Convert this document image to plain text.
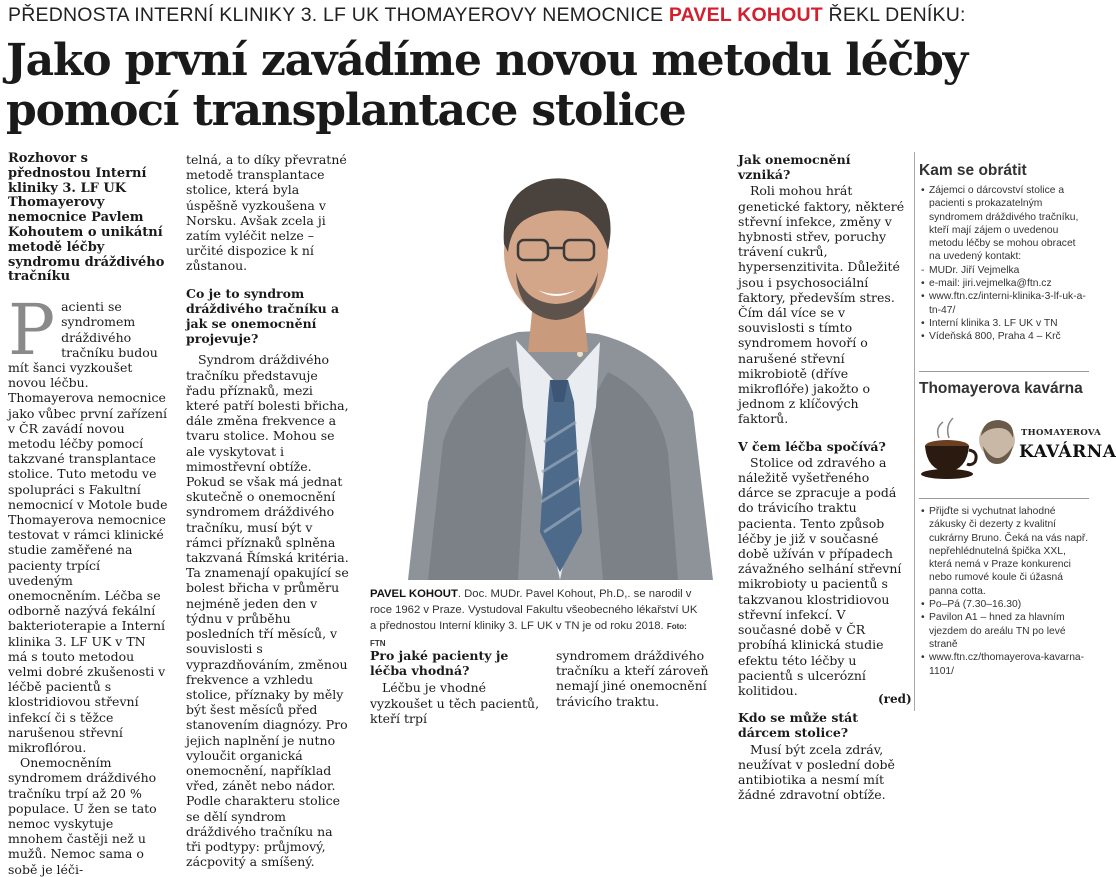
PŘEDNOSTA INTERNÍ KLINIKY 3. LF UK THOMAYEROVY NEMOCNICE PAVEL KOHOUT ŘEKL DENÍKU:
Jako první zavádíme novou metodu léčby pomocí transplantace stolice

Rozhovor s přednostou Interní kliniky 3. LF UK Thomayerovy nemocnice Pavlem Kohoutem o unikátní metodě léčby syndromu dráždivého tračníku

Pacienti se syndromem dráždivého tračníku budou mít šanci vyzkoušet novou léčbu. Thomayerova nemocnice jako vůbec první zařízení v ČR zavádí novou metodu léčby pomocí takzvané transplantace stolice. Tuto metodu ve spolupráci s Fakultní nemocnicí v Motole bude Thomayerova nemocnice testovat v rámci klinické studie zaměřené na pacienty trpící uvedeným onemocněním. Léčba se odborně nazývá fekální bakterioterapie a Interní klinika 3. LF UK v TN má s touto metodou velmi dobré zkušenosti v léčbě pacientů s klostridiovou střevní infekcí či s těžce narušenou střevní mikroflórou.

Onemocněním syndromem dráždivého tračníku trpí až 20 % populace. U žen se tato nemoc vyskytuje mnohem častěji než u mužů. Nemoc sama o sobě je léči-

telná, a to díky převratné metodě transplantace stolice, která byla úspěšně vyzkoušena v Norsku. Avšak zcela ji zatím vyléčit nelze – určité dispozice k ní zůstanou.

Co je to syndrom dráždivého tračníku a jak se onemocnění projevuje?

Syndrom dráždivého tračníku představuje řadu příznaků, mezi které patří bolesti břicha, dále změna frekvence a tvaru stolice. Mohou se ale vyskytovat i mimostřevní obtíže. Pokud se však má jednat skutečně o onemocnění syndromem dráždivého tračníku, musí být v rámci příznaků splněna takzvaná Římská kritéria. Ta znamenají opakující se bolest břicha v průměru nejméně jeden den v týdnu v průběhu posledních tří měsíců, v souvislosti s vyprazdňováním, změnou frekvence a vzhledu stolice, příznaky by měly být šest měsíců před stanovením diagnózy. Pro jejich naplnění je nutno vyloučit organická onemocnění, například vřed, zánět nebo nádor. Podle charakteru stolice se dělí syndrom dráždivého tračníku na tři podtypy: průjmový, zácpovitý a smíšený.

PAVEL KOHOUT. Doc. MUDr. Pavel Kohout, Ph.D,. se narodil v roce 1962 v Praze. Vystudoval Fakultu všeobecného lékařství UK a přednostou Interní kliniky 3. LF UK v TN je od roku 2018. Foto: FTN

Pro jaké pacienty je léčba vhodná?

Léčbu je vhodné vyzkoušet u těch pacientů, kteří trpí

syndromem dráždivého tračníku a kteří zároveň nemají jiné onemocnění trávicího traktu.

Jak onemocnění vzniká?

Roli mohou hrát genetické faktory, některé střevní infekce, změny v hybnosti střev, poruchy trávení cukrů, hypersenzitivita. Důležité jsou i psychosociální faktory, především stres. Čím dál více se v souvislosti s tímto syndromem hovoří o narušené střevní mikrobiotě (dříve mikroflóře) jakožto o jednom z klíčových faktorů.

V čem léčba spočívá?

Stolice od zdravého a náležitě vyšetřeného dárce se zpracuje a podá do trávicího traktu pacienta. Tento způsob léčby je již v současné době užíván v případech závažného selhání střevní mikrobioty u pacientů s takzvanou klostridiovou střevní infekcí. V současné době v ČR probíhá klinická studie efektu této léčby u pacientů s ulcerózní kolitidou.

Kdo se může stát dárcem stolice?

Musí být zcela zdráv, neužívat v poslední době antibiotika a nesmí mít žádné zdravotní obtíže.

(red)
Kam se obrátit
• Zájemci o dárcovství stolice a pacienti s prokazatelným syndromem dráždivého tračníku, kteří mají zájem o uvedenou metodu léčby se mohou obracet na uvedený kontakt:
- MUDr. Jiří Vejmelka
• e-mail: jiri.vejmelka@ftn.cz
• www.ftn.cz/interni-klinika-3-lf-uk-a-tn-47/
• Interní klinika 3. LF UK v TN
• Vídeňská 800, Praha 4 – Krč
Thomayerova kavárna
THOMAYEROVA
KAVÁRNA
• Přijďte si vychutnat lahodné zákusky či dezerty z kvalitní cukrárny Bruno. Čeká na vás např. nepřehlédnutelná špička XXL, která nemá v Praze konkurenci nebo rumové koule či úžasná panna cotta.
• Po–Pá (7.30–16.30)
• Pavilon A1 – hned za hlavním vjezdem do areálu TN po levé straně
• www.ftn.cz/thomayerova-kavarna-1101/
